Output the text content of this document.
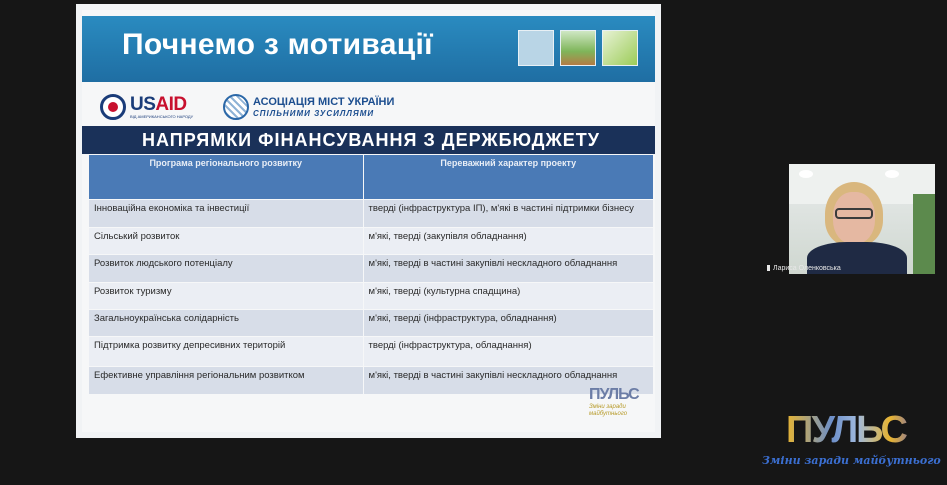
Почнемо з мотивації
USAID
ВІД АМЕРИКАНСЬКОГО НАРОДУ
АСОЦІАЦІЯ МІСТ УКРАЇНИ
СПІЛЬНИМИ ЗУСИЛЛЯМИ
НАПРЯМКИ ФІНАНСУВАННЯ З ДЕРЖБЮДЖЕТУ
Програма регіонального розвитку	Переважний характер проекту
Інноваційна економіка та інвестиції	тверді (інфраструктура ІП), м'які в частині підтримки бізнесу
Сільський розвиток	м'які, тверді (закупівля обладнання)
Розвиток людського потенціалу	м'які, тверді в частині закупівлі нескладного обладнання
Розвиток туризму	м'які, тверді (культурна спадщина)
Загальноукраїнська солідарність	м'які, тверді (інфраструктура, обладнання)
Підтримка розвитку депресивних територій	тверді (інфраструктура, обладнання)
Ефективне управління регіональним розвитком	м'які, тверді в частині закупівлі нескладного обладнання
ПУЛЬС
Зміни заради майбутнього
Лариса Оленковська
ПУЛЬС
Зміни заради майбутнього
